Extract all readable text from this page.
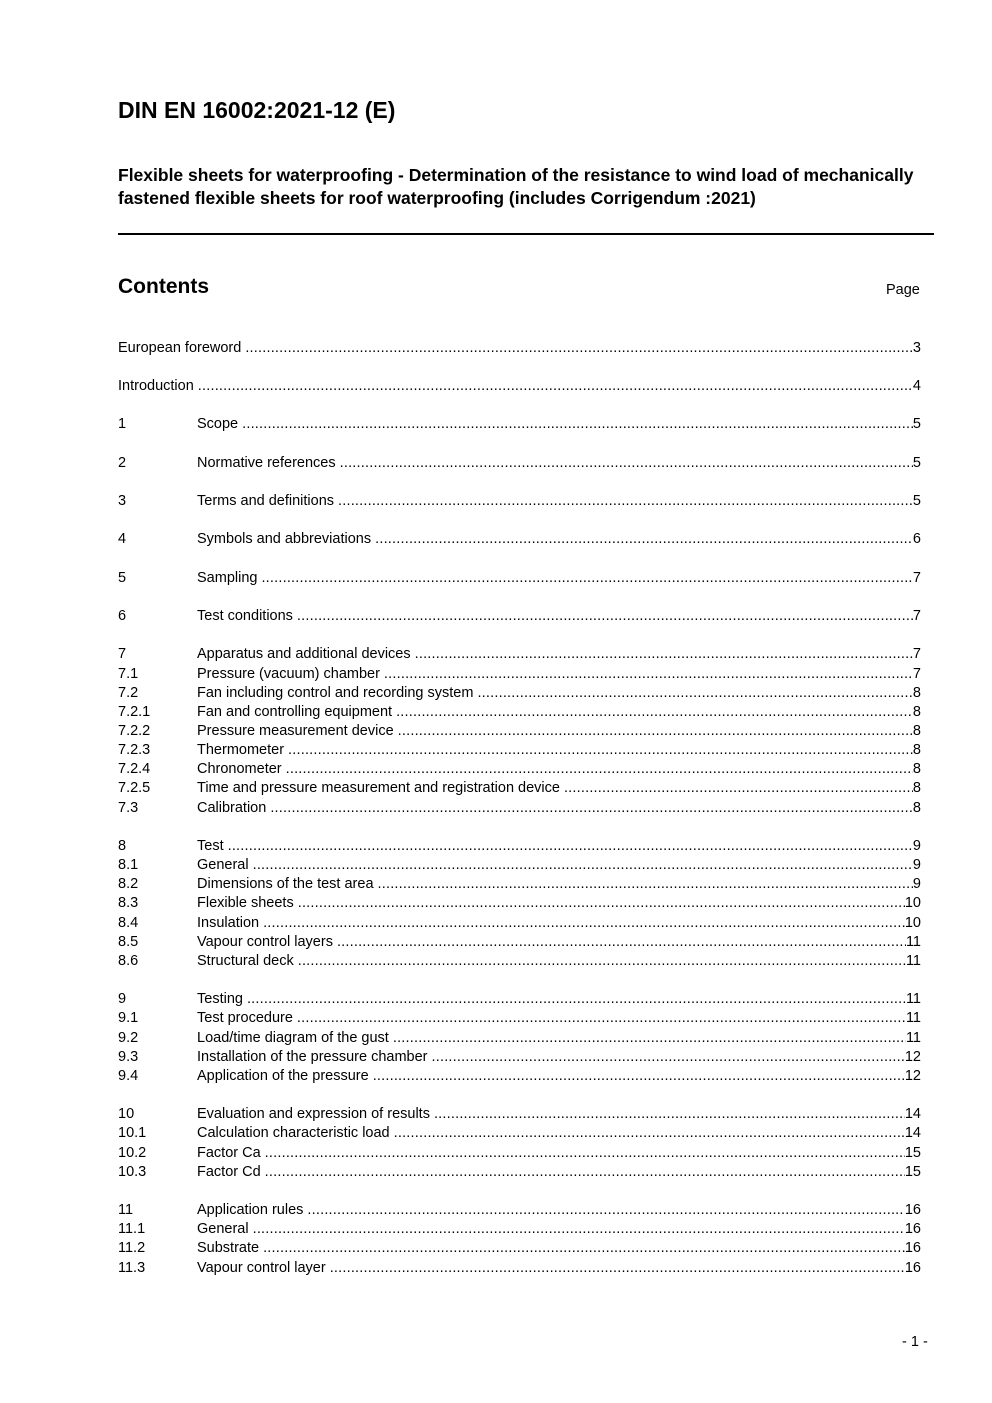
DIN EN 16002:2021-12 (E)

Flexible sheets for waterproofing - Determination of the resistance to wind load of mechanically fastened flexible sheets for roof waterproofing (includes Corrigendum :2021)

Contents	Page
European foreword .....	3
Introduction .....	4
1	Scope .....	5
2	Normative references .....	5
3	Terms and definitions .....	5
4	Symbols and abbreviations .....	6
5	Sampling .....	7
6	Test conditions .....	7
7	Apparatus and additional devices .....	7
7.1	Pressure (vacuum) chamber .....	7
7.2	Fan including control and recording system .....	8
7.2.1	Fan and controlling equipment .....	8
7.2.2	Pressure measurement device .....	8
7.2.3	Thermometer .....	8
7.2.4	Chronometer .....	8
7.2.5	Time and pressure measurement and registration device .....	8
7.3	Calibration .....	8
8	Test .....	9
8.1	General .....	9
8.2	Dimensions of the test area .....	9
8.3	Flexible sheets .....	10
8.4	Insulation .....	10
8.5	Vapour control layers .....	11
8.6	Structural deck .....	11
9	Testing .....	11
9.1	Test procedure .....	11
9.2	Load/time diagram of the gust .....	11
9.3	Installation of the pressure chamber .....	12
9.4	Application of the pressure .....	12
10	Evaluation and expression of results .....	14
10.1	Calculation characteristic load .....	14
10.2	Factor Ca .....	15
10.3	Factor Cd .....	15
11	Application rules .....	16
11.1	General .....	16
11.2	Substrate .....	16
11.3	Vapour control layer .....	16
- 1 -
